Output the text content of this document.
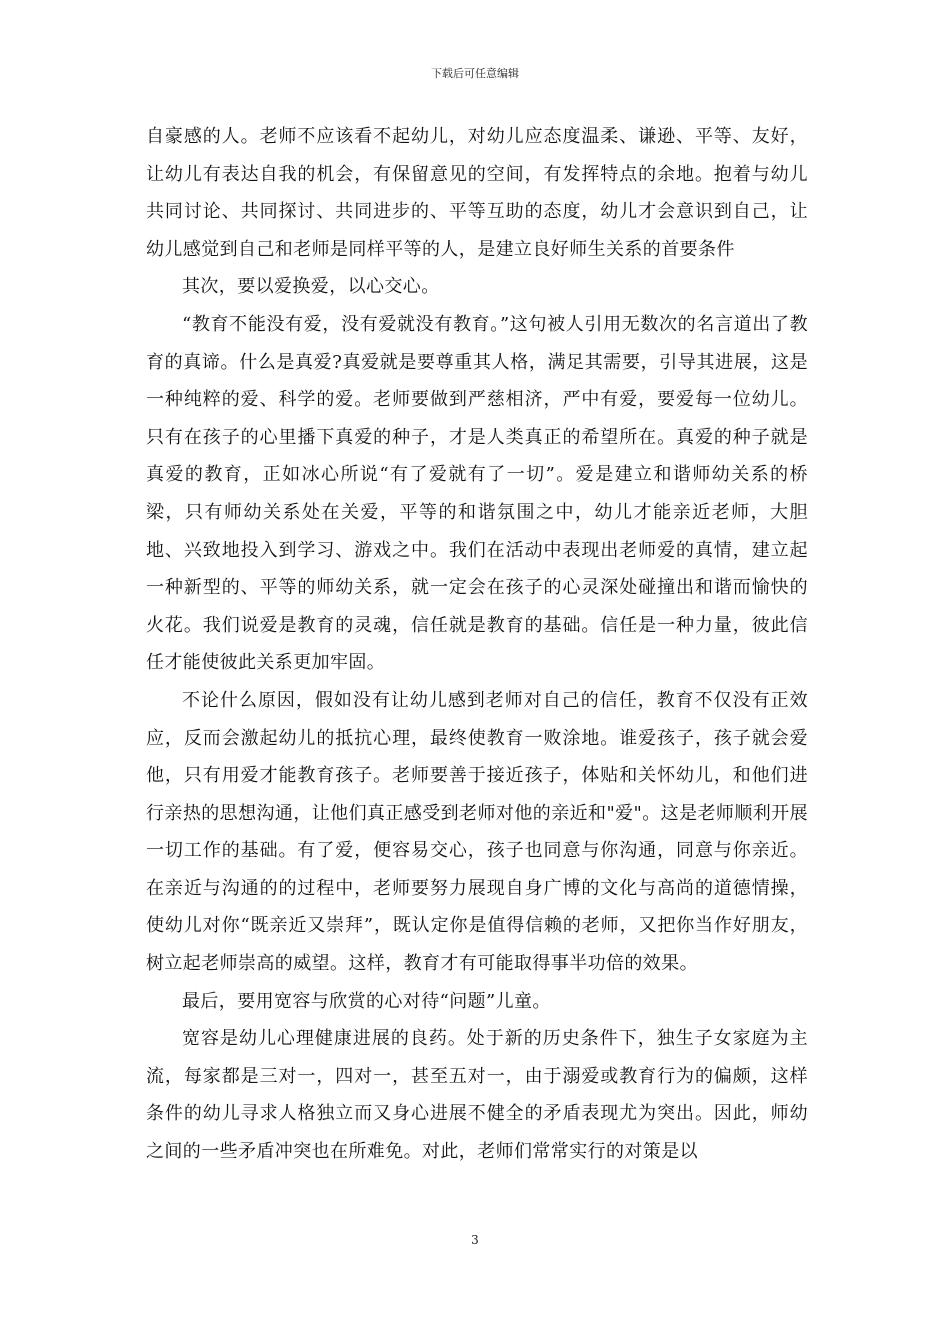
下载后可任意编辑

自豪感的人。老师不应该看不起幼儿，对幼儿应态度温柔、谦逊、平等、友好，让幼儿有表达自我的机会，有保留意见的空间，有发挥特点的余地。抱着与幼儿共同讨论、共同探讨、共同进步的、平等互助的态度，幼儿才会意识到自己，让幼儿感觉到自己和老师是同样平等的人，是建立良好师生关系的首要条件

其次，要以爱换爱，以心交心。

“教育不能没有爱，没有爱就没有教育。”这句被人引用无数次的名言道出了教育的真谛。什么是真爱?真爱就是要尊重其人格，满足其需要，引导其进展，这是一种纯粹的爱、科学的爱。老师要做到严慈相济，严中有爱，要爱每一位幼儿。只有在孩子的心里播下真爱的种子，才是人类真正的希望所在。真爱的种子就是真爱的教育，正如冰心所说“有了爱就有了一切”。爱是建立和谐师幼关系的桥梁，只有师幼关系处在关爱，平等的和谐氛围之中，幼儿才能亲近老师，大胆地、兴致地投入到学习、游戏之中。我们在活动中表现出老师爱的真情，建立起一种新型的、平等的师幼关系，就一定会在孩子的心灵深处碰撞出和谐而愉快的火花。我们说爱是教育的灵魂，信任就是教育的基础。信任是一种力量，彼此信任才能使彼此关系更加牢固。

不论什么原因，假如没有让幼儿感到老师对自己的信任，教育不仅没有正效应，反而会激起幼儿的抵抗心理，最终使教育一败涂地。谁爱孩子，孩子就会爱他，只有用爱才能教育孩子。老师要善于接近孩子，体贴和关怀幼儿，和他们进行亲热的思想沟通，让他们真正感受到老师对他的亲近和"爱"。这是老师顺利开展一切工作的基础。有了爱，便容易交心，孩子也同意与你沟通，同意与你亲近。在亲近与沟通的的过程中，老师要努力展现自身广博的文化与高尚的道德情操，使幼儿对你“既亲近又崇拜”，既认定你是值得信赖的老师，又把你当作好朋友，树立起老师崇高的威望。这样，教育才有可能取得事半功倍的效果。

最后，要用宽容与欣赏的心对待“问题”儿童。

宽容是幼儿心理健康进展的良药。处于新的历史条件下，独生子女家庭为主流，每家都是三对一，四对一，甚至五对一，由于溺爱或教育行为的偏颇，这样条件的幼儿寻求人格独立而又身心进展不健全的矛盾表现尤为突出。因此，师幼之间的一些矛盾冲突也在所难免。对此，老师们常常实行的对策是以

3
